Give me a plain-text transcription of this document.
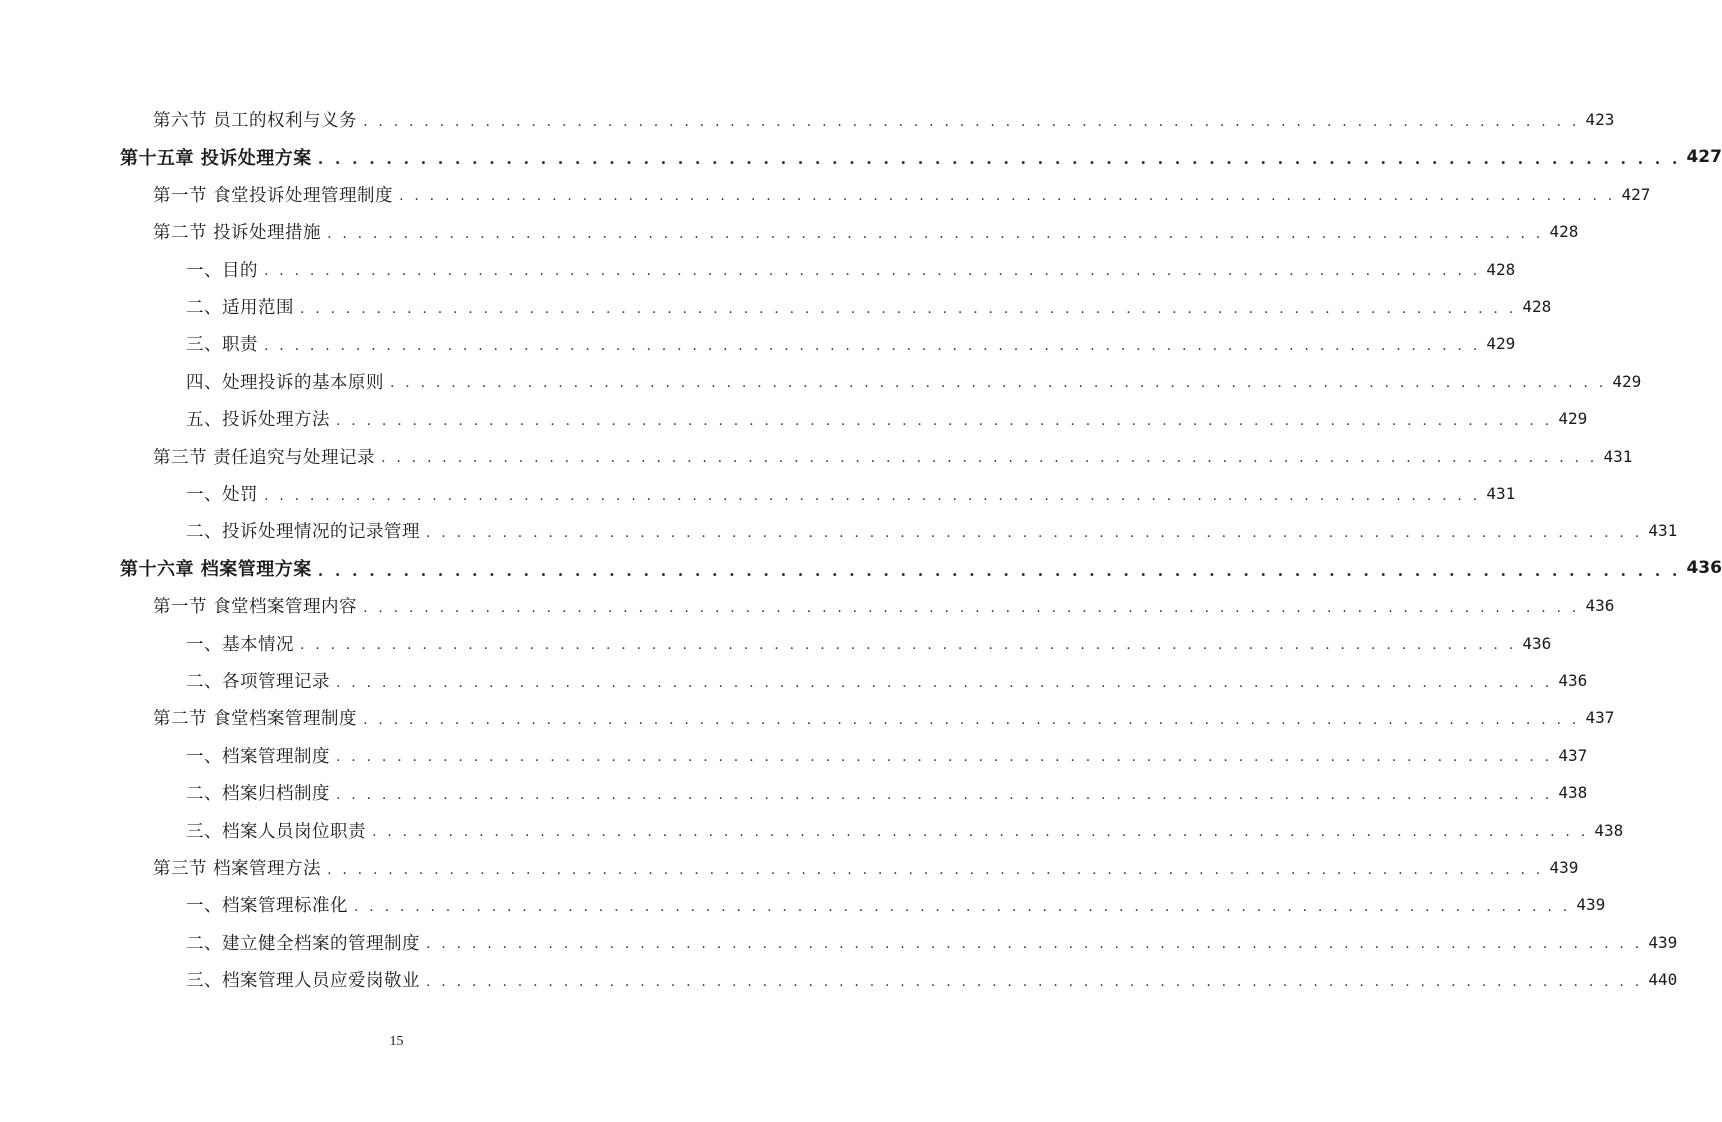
第六节 员工的权利与义务 . . . . . . . . . . . . . . . . . . . . . . . . . . . . . . . . . . . . . . . . . . . . . . . . . . . . . . . . . . . . . . . . . . . . . . . . . . . . . . . . 423
第十五章 投诉处理方案 . . . . . . . . . . . . . . . . . . . . . . . . . . . . . . . . . . . . . . . . . . . . . . . . . . . . . . . . . . . . . . . . . . . . . . . . . . . . . . . . 427
第一节 食堂投诉处理管理制度 . . . . . . . . . . . . . . . . . . . . . . . . . . . . . . . . . . . . . . . . . . . . . . . . . . . . . . . . . . . . . . . . . . . . . . . . . . . . . . . . 427
第二节 投诉处理措施 . . . . . . . . . . . . . . . . . . . . . . . . . . . . . . . . . . . . . . . . . . . . . . . . . . . . . . . . . . . . . . . . . . . . . . . . . . . . . . . . 428
一、目的 . . . . . . . . . . . . . . . . . . . . . . . . . . . . . . . . . . . . . . . . . . . . . . . . . . . . . . . . . . . . . . . . . . . . . . . . . . . . . . . . 428
二、适用范围 . . . . . . . . . . . . . . . . . . . . . . . . . . . . . . . . . . . . . . . . . . . . . . . . . . . . . . . . . . . . . . . . . . . . . . . . . . . . . . . . 428
三、职责 . . . . . . . . . . . . . . . . . . . . . . . . . . . . . . . . . . . . . . . . . . . . . . . . . . . . . . . . . . . . . . . . . . . . . . . . . . . . . . . . 429
四、处理投诉的基本原则 . . . . . . . . . . . . . . . . . . . . . . . . . . . . . . . . . . . . . . . . . . . . . . . . . . . . . . . . . . . . . . . . . . . . . . . . . . . . . . . . 429
五、投诉处理方法 . . . . . . . . . . . . . . . . . . . . . . . . . . . . . . . . . . . . . . . . . . . . . . . . . . . . . . . . . . . . . . . . . . . . . . . . . . . . . . . . 429
第三节 责任追究与处理记录 . . . . . . . . . . . . . . . . . . . . . . . . . . . . . . . . . . . . . . . . . . . . . . . . . . . . . . . . . . . . . . . . . . . . . . . . . . . . . . . . 431
一、处罚 . . . . . . . . . . . . . . . . . . . . . . . . . . . . . . . . . . . . . . . . . . . . . . . . . . . . . . . . . . . . . . . . . . . . . . . . . . . . . . . . 431
二、投诉处理情况的记录管理 . . . . . . . . . . . . . . . . . . . . . . . . . . . . . . . . . . . . . . . . . . . . . . . . . . . . . . . . . . . . . . . . . . . . . . . . . . . . . . . . 431
第十六章 档案管理方案 . . . . . . . . . . . . . . . . . . . . . . . . . . . . . . . . . . . . . . . . . . . . . . . . . . . . . . . . . . . . . . . . . . . . . . . . . . . . . . . . 436
第一节 食堂档案管理内容 . . . . . . . . . . . . . . . . . . . . . . . . . . . . . . . . . . . . . . . . . . . . . . . . . . . . . . . . . . . . . . . . . . . . . . . . . . . . . . . . 436
一、基本情况 . . . . . . . . . . . . . . . . . . . . . . . . . . . . . . . . . . . . . . . . . . . . . . . . . . . . . . . . . . . . . . . . . . . . . . . . . . . . . . . . 436
二、各项管理记录 . . . . . . . . . . . . . . . . . . . . . . . . . . . . . . . . . . . . . . . . . . . . . . . . . . . . . . . . . . . . . . . . . . . . . . . . . . . . . . . . 436
第二节 食堂档案管理制度 . . . . . . . . . . . . . . . . . . . . . . . . . . . . . . . . . . . . . . . . . . . . . . . . . . . . . . . . . . . . . . . . . . . . . . . . . . . . . . . . 437
一、档案管理制度 . . . . . . . . . . . . . . . . . . . . . . . . . . . . . . . . . . . . . . . . . . . . . . . . . . . . . . . . . . . . . . . . . . . . . . . . . . . . . . . . 437
二、档案归档制度 . . . . . . . . . . . . . . . . . . . . . . . . . . . . . . . . . . . . . . . . . . . . . . . . . . . . . . . . . . . . . . . . . . . . . . . . . . . . . . . . 438
三、档案人员岗位职责 . . . . . . . . . . . . . . . . . . . . . . . . . . . . . . . . . . . . . . . . . . . . . . . . . . . . . . . . . . . . . . . . . . . . . . . . . . . . . . . . 438
第三节 档案管理方法 . . . . . . . . . . . . . . . . . . . . . . . . . . . . . . . . . . . . . . . . . . . . . . . . . . . . . . . . . . . . . . . . . . . . . . . . . . . . . . . . 439
一、档案管理标准化 . . . . . . . . . . . . . . . . . . . . . . . . . . . . . . . . . . . . . . . . . . . . . . . . . . . . . . . . . . . . . . . . . . . . . . . . . . . . . . . . 439
二、建立健全档案的管理制度 . . . . . . . . . . . . . . . . . . . . . . . . . . . . . . . . . . . . . . . . . . . . . . . . . . . . . . . . . . . . . . . . . . . . . . . . . . . . . . . . 439
三、档案管理人员应爱岗敬业 . . . . . . . . . . . . . . . . . . . . . . . . . . . . . . . . . . . . . . . . . . . . . . . . . . . . . . . . . . . . . . . . . . . . . . . . . . . . . . . . 440
15
